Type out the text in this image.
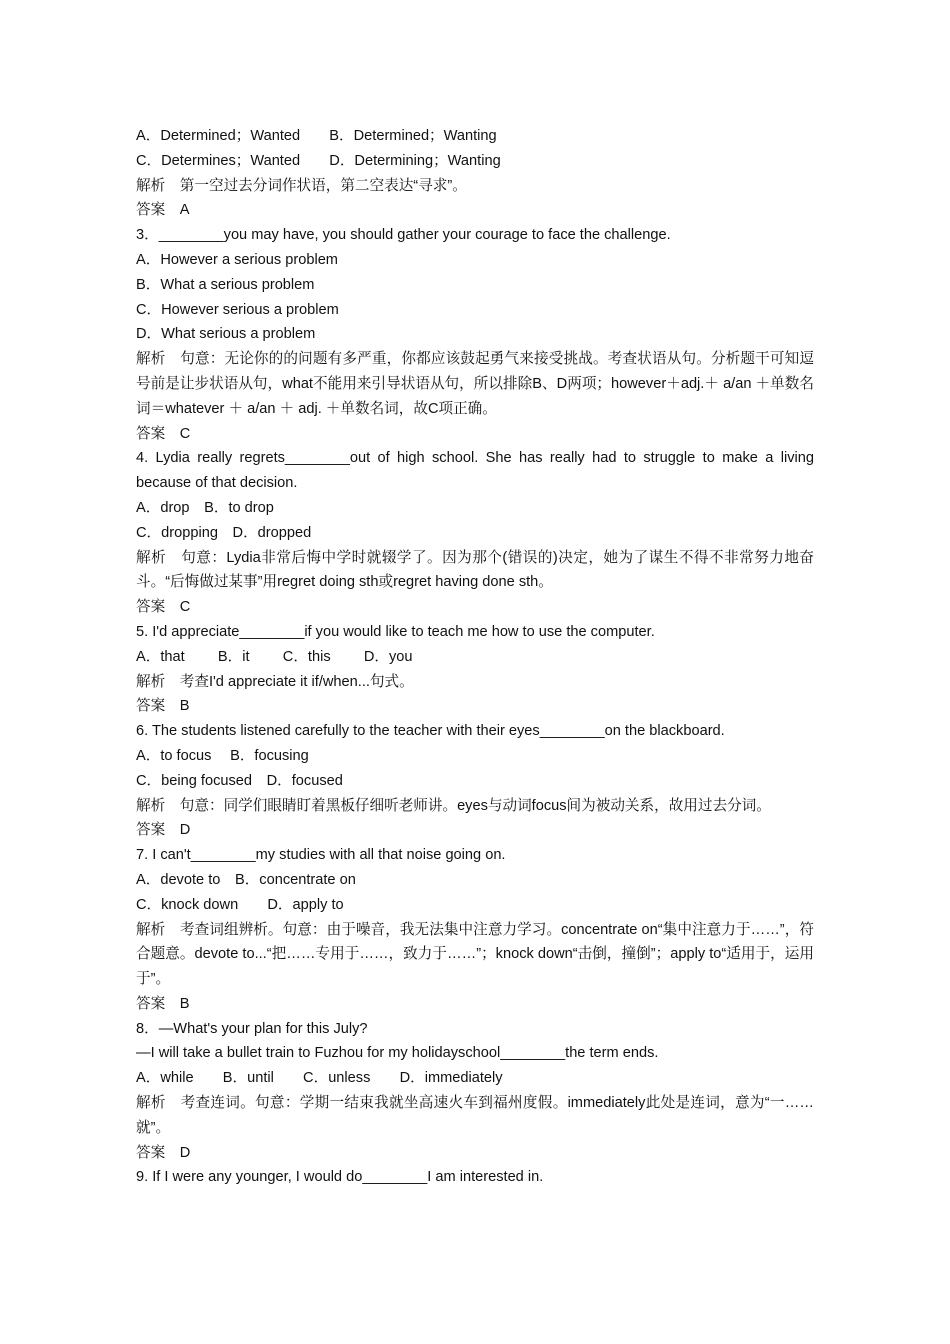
A．Determined；Wanted　　B．Determined；Wanting
C．Determines；Wanted　　D．Determining；Wanting
解析　第一空过去分词作状语，第二空表达“寻求”。
答案　A
3．________you may have, you should gather your courage to face the challenge.
A．However a serious problem
B．What a serious problem
C．However serious a problem
D．What serious a problem
解析　句意：无论你的的问题有多严重，你都应该鼓起勇气来接受挑战。考查状语从句。分析题干可知逗号前是让步状语从句，what不能用来引导状语从句，所以排除B、D两项；however＋adj.＋ a/an ＋单数名词＝whatever ＋ a/an ＋ adj. ＋单数名词，故C项正确。
答案　C
4. Lydia really regrets________out of high school. She has really had to struggle to make a living because of that decision.
A．drop　B．to drop
C．dropping　D．dropped
解析　句意：Lydia非常后悔中学时就辍学了。因为那个(错误的)决定，她为了谋生不得不非常努力地奋斗。“后悔做过某事”用regret doing sth或regret having done sth。
答案　C
5. I'd appreciate________if you would like to teach me how to use the computer.
A．that　　 B．it　　 C．this　　 D．you
解析　考查I'd appreciate it if/when...句式。
答案　B
6. The students listened carefully to the teacher with their eyes________on the blackboard.
A．to focus　 B．focusing
C．being focused　D．focused
解析　句意：同学们眼睛盯着黑板仔细听老师讲。eyes与动词focus间为被动关系，故用过去分词。
答案　D
7. I can't________my studies with all that noise going on.
A．devote to　B．concentrate on
C．knock down　　D．apply to
解析　考查词组辨析。句意：由于噪音，我无法集中注意力学习。concentrate on“集中注意力于……”，符合题意。devote to...“把……专用于……，致力于……”；knock down“击倒，撞倒”；apply to“适用于，运用于”。
答案　B
8．—What's your plan for this July?
—I will take a bullet train to Fuzhou for my holidayschool________the term ends.
A．while　　B．until　　C．unless　　D．immediately
解析　考查连词。句意：学期一结束我就坐高速火车到福州度假。immediately此处是连词，意为“一……就”。
答案　D
9. If I were any younger, I would do________I am interested in.
